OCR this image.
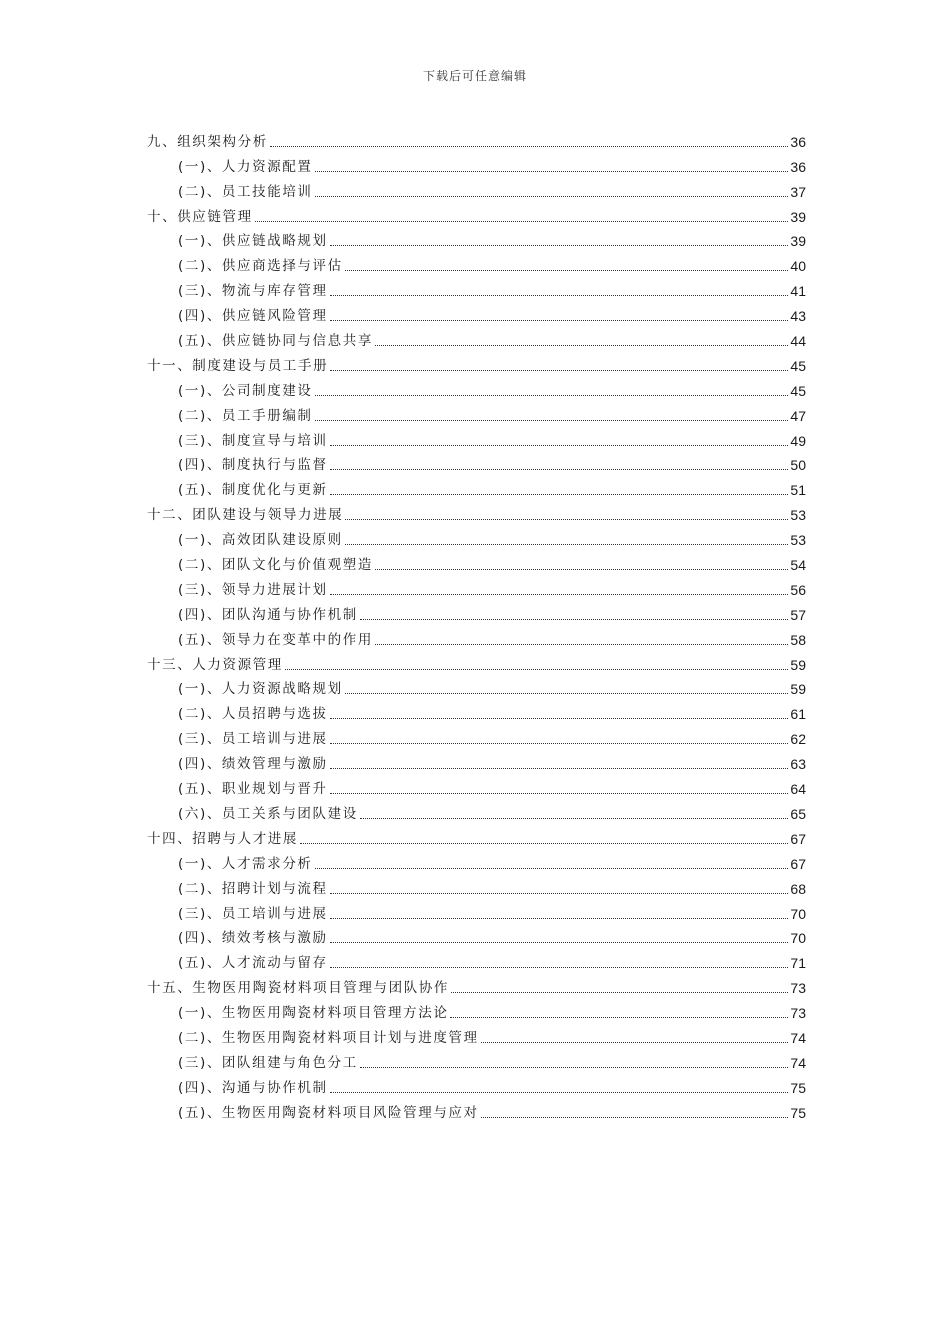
下载后可任意编辑
九、组织架构分析	36
(一)、人力资源配置	36
(二)、员工技能培训	37
十、供应链管理	39
(一)、供应链战略规划	39
(二)、供应商选择与评估	40
(三)、物流与库存管理	41
(四)、供应链风险管理	43
(五)、供应链协同与信息共享	44
十一、制度建设与员工手册	45
(一)、公司制度建设	45
(二)、员工手册编制	47
(三)、制度宣导与培训	49
(四)、制度执行与监督	50
(五)、制度优化与更新	51
十二、团队建设与领导力进展	53
(一)、高效团队建设原则	53
(二)、团队文化与价值观塑造	54
(三)、领导力进展计划	56
(四)、团队沟通与协作机制	57
(五)、领导力在变革中的作用	58
十三、人力资源管理	59
(一)、人力资源战略规划	59
(二)、人员招聘与选拔	61
(三)、员工培训与进展	62
(四)、绩效管理与激励	63
(五)、职业规划与晋升	64
(六)、员工关系与团队建设	65
十四、招聘与人才进展	67
(一)、人才需求分析	67
(二)、招聘计划与流程	68
(三)、员工培训与进展	70
(四)、绩效考核与激励	70
(五)、人才流动与留存	71
十五、生物医用陶瓷材料项目管理与团队协作	73
(一)、生物医用陶瓷材料项目管理方法论	73
(二)、生物医用陶瓷材料项目计划与进度管理	74
(三)、团队组建与角色分工	74
(四)、沟通与协作机制	75
(五)、生物医用陶瓷材料项目风险管理与应对	75
